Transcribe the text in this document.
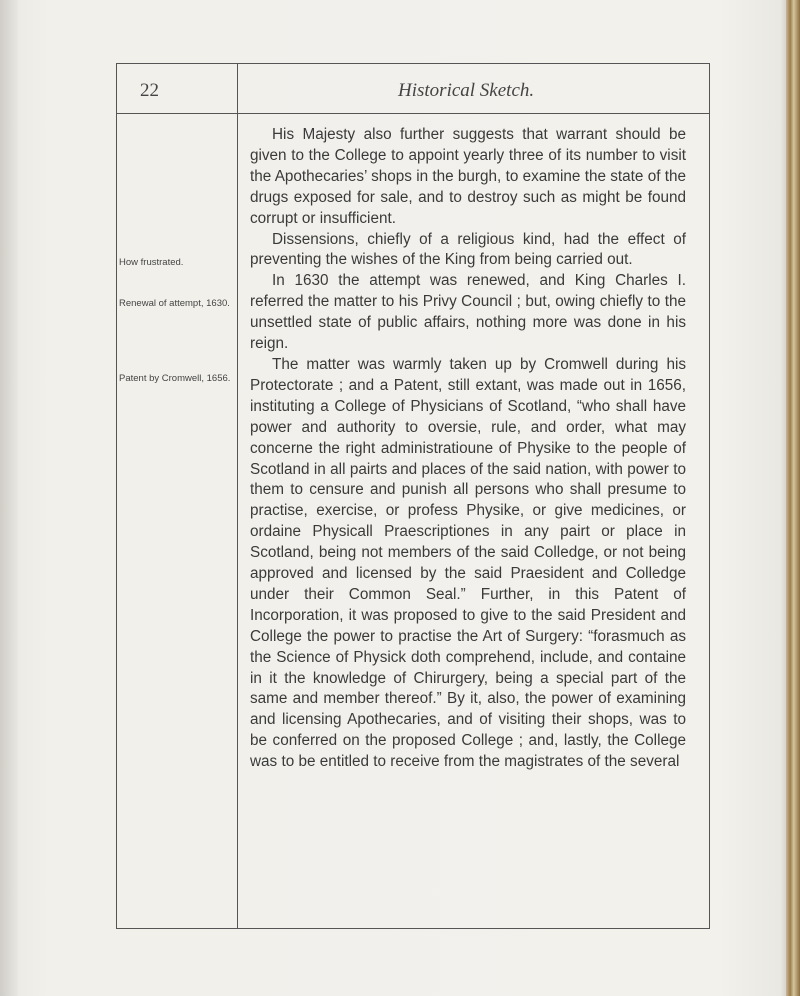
22	Historical Sketch.
How frustrated.
Renewal of attempt, 1630.
Patent by Cromwell, 1656.

His Majesty also further suggests that warrant should be given to the College to appoint yearly three of its number to visit the Apothecaries’ shops in the burgh, to examine the state of the drugs exposed for sale, and to destroy such as might be found corrupt or insufficient.

Dissensions, chiefly of a religious kind, had the effect of preventing the wishes of the King from being carried out.

In 1630 the attempt was renewed, and King Charles I. referred the matter to his Privy Council ; but, owing chiefly to the unsettled state of public affairs, nothing more was done in his reign.

The matter was warmly taken up by Cromwell during his Protectorate ; and a Patent, still extant, was made out in 1656, instituting a College of Physicians of Scotland, “who shall have power and authority to oversie, rule, and order, what may concerne the right administratioune of Physike to the people of Scotland in all pairts and places of the said nation, with power to them to censure and punish all persons who shall presume to practise, exercise, or profess Physike, or give medicines, or ordaine Physicall Praescriptiones in any pairt or place in Scotland, being not members of the said Colledge, or not being approved and licensed by the said Praesident and Colledge under their Common Seal.” Further, in this Patent of Incorporation, it was proposed to give to the said President and College the power to practise the Art of Surgery: “forasmuch as the Science of Physick doth comprehend, include, and containe in it the knowledge of Chirurgery, being a special part of the same and member thereof.” By it, also, the power of examining and licensing Apothecaries, and of visiting their shops, was to be conferred on the proposed College ; and, lastly, the College was to be entitled to receive from the magistrates of the several
